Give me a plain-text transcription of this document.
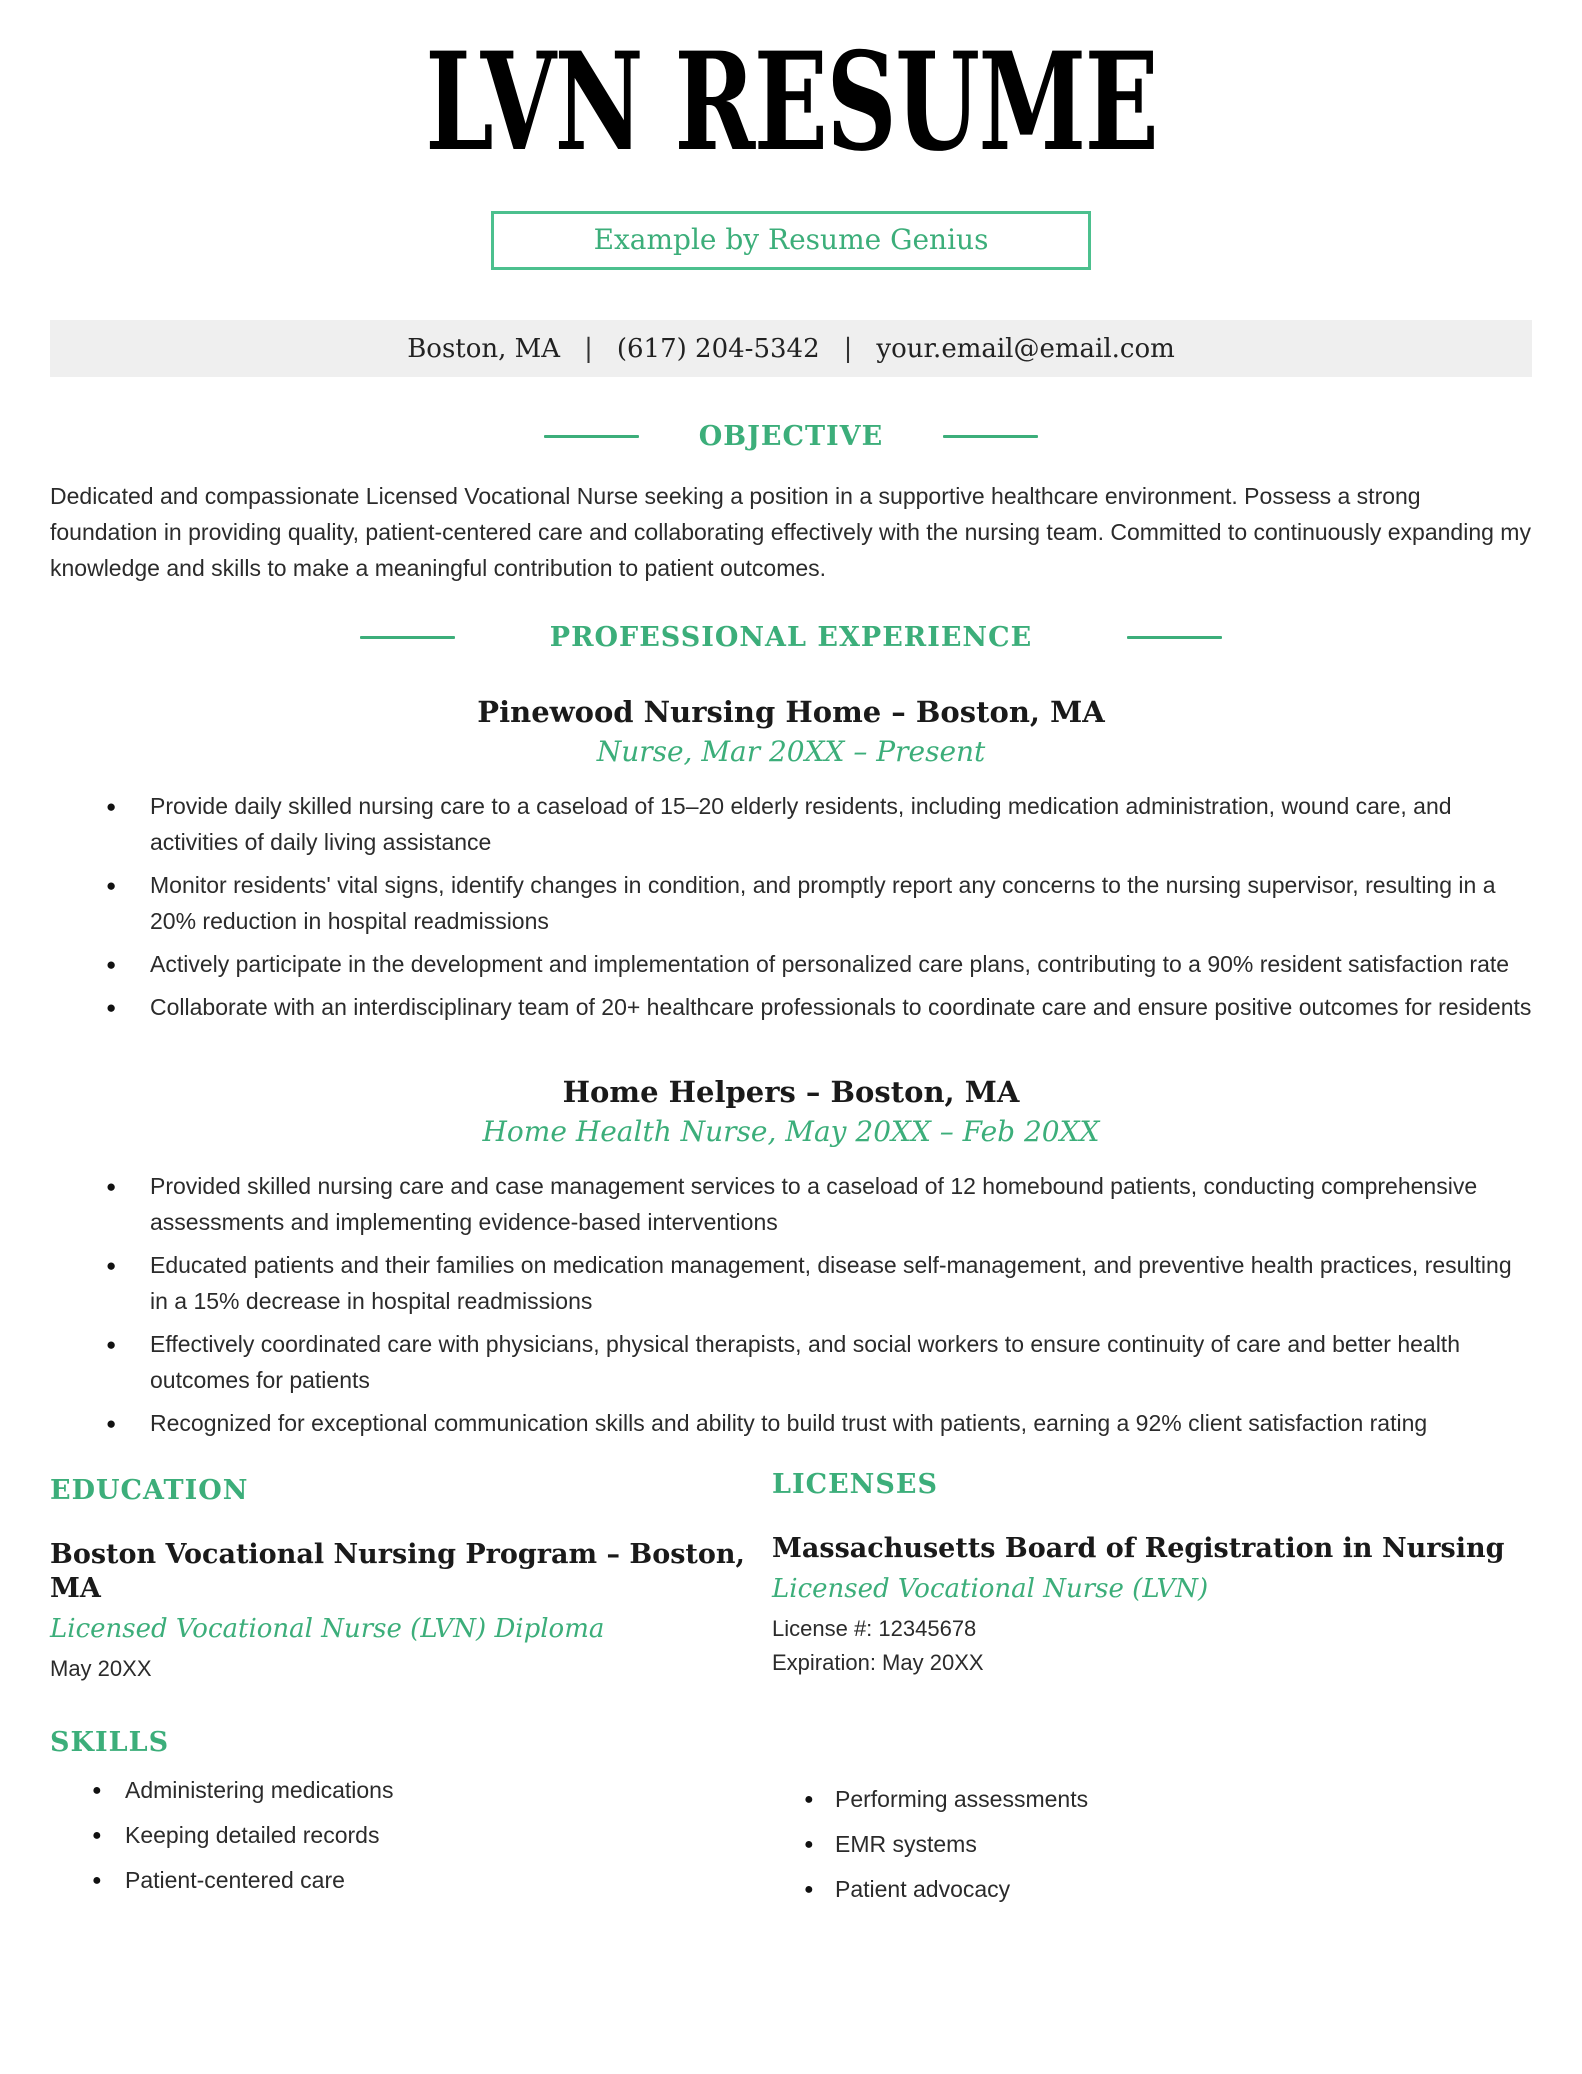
LVN RESUME
Example by Resume Genius
Boston, MA | (617) 204-5342 | your.email@email.com
OBJECTIVE
Dedicated and compassionate Licensed Vocational Nurse seeking a position in a supportive healthcare environment. Possess a strong foundation in providing quality, patient-centered care and collaborating effectively with the nursing team. Committed to continuously expanding my knowledge and skills to make a meaningful contribution to patient outcomes.
PROFESSIONAL EXPERIENCE
Pinewood Nursing Home – Boston, MA
Nurse, Mar 20XX – Present
● Provide daily skilled nursing care to a caseload of 15–20 elderly residents, including medication administration, wound care, and activities of daily living assistance
● Monitor residents' vital signs, identify changes in condition, and promptly report any concerns to the nursing supervisor, resulting in a 20% reduction in hospital readmissions
● Actively participate in the development and implementation of personalized care plans, contributing to a 90% resident satisfaction rate
● Collaborate with an interdisciplinary team of 20+ healthcare professionals to coordinate care and ensure positive outcomes for residents
Home Helpers – Boston, MA
Home Health Nurse, May 20XX – Feb 20XX
● Provided skilled nursing care and case management services to a caseload of 12 homebound patients, conducting comprehensive assessments and implementing evidence-based interventions
● Educated patients and their families on medication management, disease self-management, and preventive health practices, resulting in a 15% decrease in hospital readmissions
● Effectively coordinated care with physicians, physical therapists, and social workers to ensure continuity of care and better health outcomes for patients
● Recognized for exceptional communication skills and ability to build trust with patients, earning a 92% client satisfaction rating
EDUCATION
Boston Vocational Nursing Program – Boston, MA
Licensed Vocational Nurse (LVN) Diploma
May 20XX
SKILLS
● Administering medications
● Keeping detailed records
● Patient-centered care
LICENSES
Massachusetts Board of Registration in Nursing
Licensed Vocational Nurse (LVN)
License #: 12345678
Expiration: May 20XX
● Performing assessments
● EMR systems
● Patient advocacy
